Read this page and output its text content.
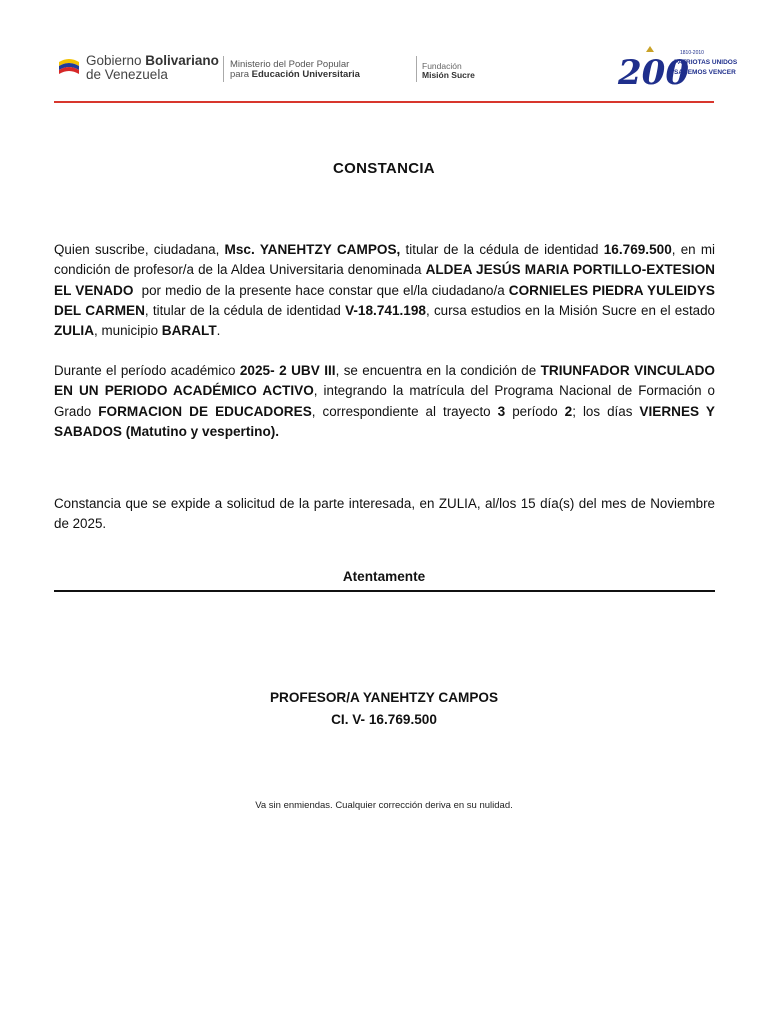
Gobierno Bolivariano
de Venezuela
Ministerio del Poder Popular
para Educación Universitaria
Fundación
Misión Sucre	200
1810-2010
PATRIOTAS UNIDOS
SABEMOS VENCER
CONSTANCIA
Quien suscribe, ciudadana, Msc. YANEHTZY CAMPOS, titular de la cédula de identidad 16.769.500, en mi condición de profesor/a de la Aldea Universitaria denominada ALDEA JESÚS MARIA PORTILLO-EXTESION EL VENADO  por medio de la presente hace constar que el/la ciudadano/a CORNIELES PIEDRA YULEIDYS DEL CARMEN, titular de la cédula de identidad V-18.741.198, cursa estudios en la Misión Sucre en el estado ZULIA, municipio BARALT.
Durante el período académico 2025- 2 UBV III, se encuentra en la condición de TRIUNFADOR VINCULADO EN UN PERIODO ACADÉMICO ACTIVO, integrando la matrícula del Programa Nacional de Formación o Grado FORMACION DE EDUCADORES, correspondiente al trayecto 3 período 2; los días VIERNES Y SABADOS (Matutino y vespertino).
Constancia que se expide a solicitud de la parte interesada, en ZULIA, al/los 15 día(s) del mes de Noviembre de 2025.
Atentamente
PROFESOR/A YANEHTZY CAMPOS
CI. V- 16.769.500
Va sin enmiendas. Cualquier corrección deriva en su nulidad.
